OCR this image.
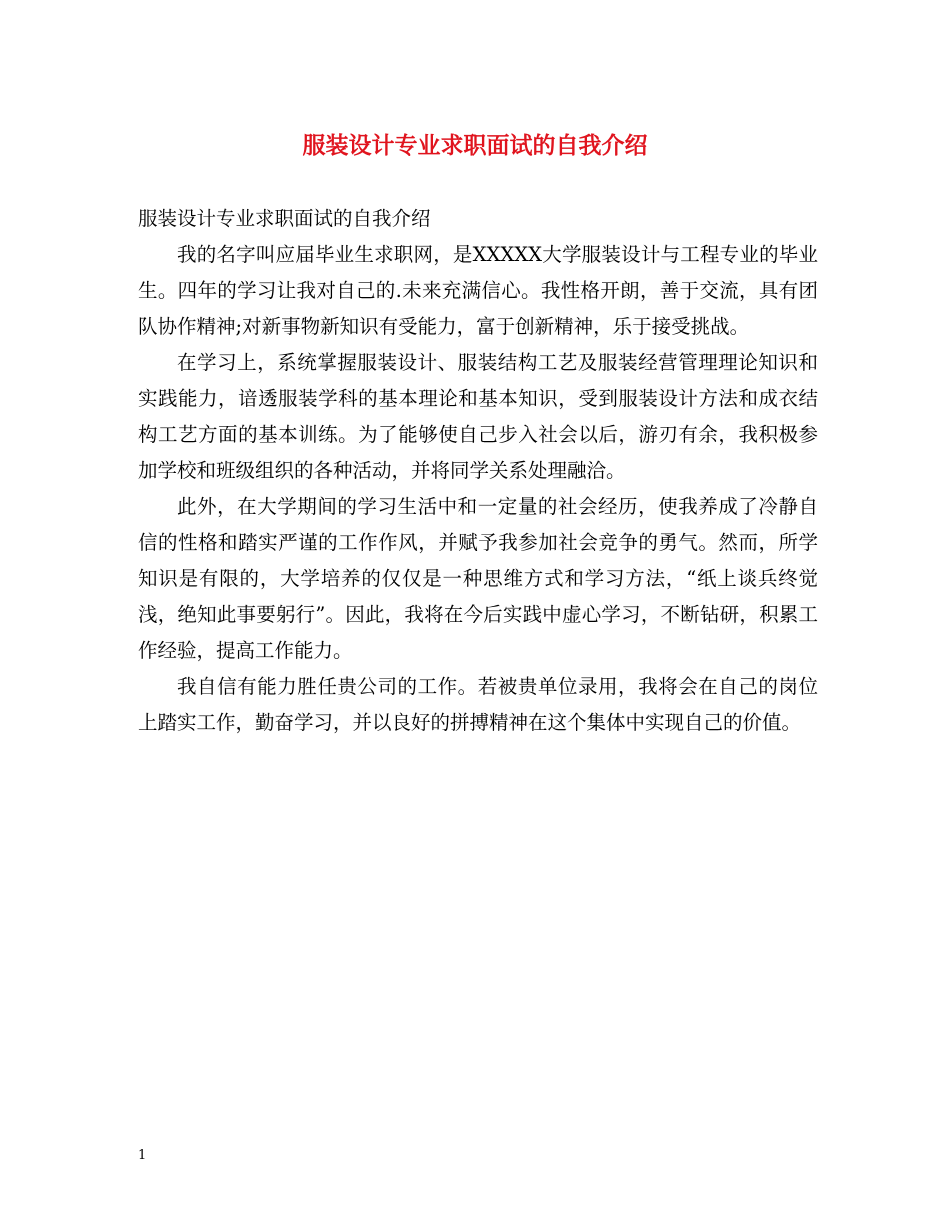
服装设计专业求职面试的自我介绍

服装设计专业求职面试的自我介绍

我的名字叫应届毕业生求职网，是XXXXX大学服装设计与工程专业的毕业生。四年的学习让我对自己的.未来充满信心。我性格开朗，善于交流，具有团队协作精神;对新事物新知识有受能力，富于创新精神，乐于接受挑战。

在学习上，系统掌握服装设计、服装结构工艺及服装经营管理理论知识和实践能力，谙透服装学科的基本理论和基本知识，受到服装设计方法和成衣结构工艺方面的基本训练。为了能够使自己步入社会以后，游刃有余，我积极参加学校和班级组织的各种活动，并将同学关系处理融洽。

此外，在大学期间的学习生活中和一定量的社会经历，使我养成了冷静自信的性格和踏实严谨的工作作风，并赋予我参加社会竞争的勇气。然而，所学知识是有限的，大学培养的仅仅是一种思维方式和学习方法，“纸上谈兵终觉浅，绝知此事要躬行”。因此，我将在今后实践中虚心学习，不断钻研，积累工作经验，提高工作能力。

我自信有能力胜任贵公司的工作。若被贵单位录用，我将会在自己的岗位上踏实工作，勤奋学习，并以良好的拼搏精神在这个集体中实现自己的价值。

1
